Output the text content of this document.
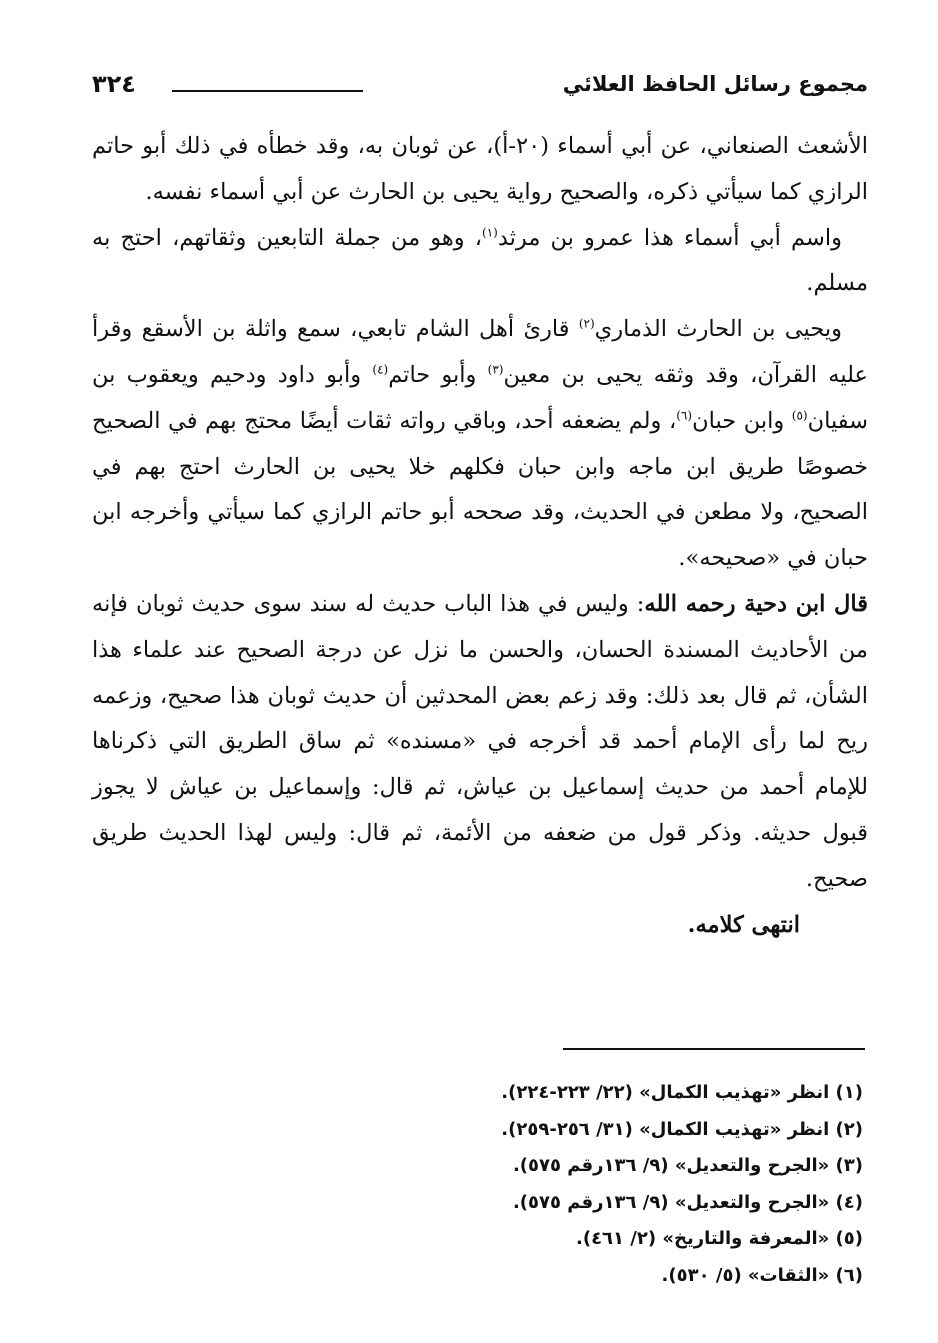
مجموع رسائل الحافظ العلائي
٣٢٤

الأشعث الصنعاني، عن أبي أسماء (٢٠-أ)، عن ثوبان به، وقد خطأه في ذلك أبو حاتم الرازي كما سيأتي ذكره، والصحيح رواية يحيى بن الحارث عن أبي أسماء نفسه.

واسم أبي أسماء هذا عمرو بن مرثد$^{(١)}$، وهو من جملة التابعين وثقاتهم، احتج به مسلم.

ويحيى بن الحارث الذماري$^{(٢)}$ قارئ أهل الشام تابعي، سمع واثلة بن الأسقع وقرأ عليه القرآن، وقد وثقه يحيى بن معين$^{(٣)}$ وأبو حاتم$^{(٤)}$ وأبو داود ودحيم ويعقوب بن سفيان$^{(٥)}$ وابن حبان$^{(٦)}$، ولم يضعفه أحد، وباقي رواته ثقات أيضًا محتج بهم في الصحيح خصوصًا طريق ابن ماجه وابن حبان فكلهم خلا يحيى بن الحارث احتج بهم في الصحيح، ولا مطعن في الحديث، وقد صححه أبو حاتم الرازي كما سيأتي وأخرجه ابن حبان في «صحيحه».

قال ابن دحية رحمه الله: وليس في هذا الباب حديث له سند سوى حديث ثوبان فإنه من الأحاديث المسندة الحسان، والحسن ما نزل عن درجة الصحيح عند علماء هذا الشأن، ثم قال بعد ذلك: وقد زعم بعض المحدثين أن حديث ثوبان هذا صحيح، وزعمه ريح لما رأى الإمام أحمد قد أخرجه في «مسنده» ثم ساق الطريق التي ذكرناها للإمام أحمد من حديث إسماعيل بن عياش، ثم قال: وإسماعيل بن عياش لا يجوز قبول حديثه. وذكر قول من ضعفه من الأئمة، ثم قال: وليس لهذا الحديث طريق صحيح.

انتهى كلامه.

(١) انظر «تهذيب الكمال» (٢٢/ ٢٢٣-٢٢٤).
(٢) انظر «تهذيب الكمال» (٣١/ ٢٥٦-٢٥٩).
(٣) «الجرح والتعديل» (٩/ ١٣٦رقم ٥٧٥).
(٤) «الجرح والتعديل» (٩/ ١٣٦رقم ٥٧٥).
(٥) «المعرفة والتاريخ» (٢/ ٤٦١).
(٦) «الثقات» (٥/ ٥٣٠).
